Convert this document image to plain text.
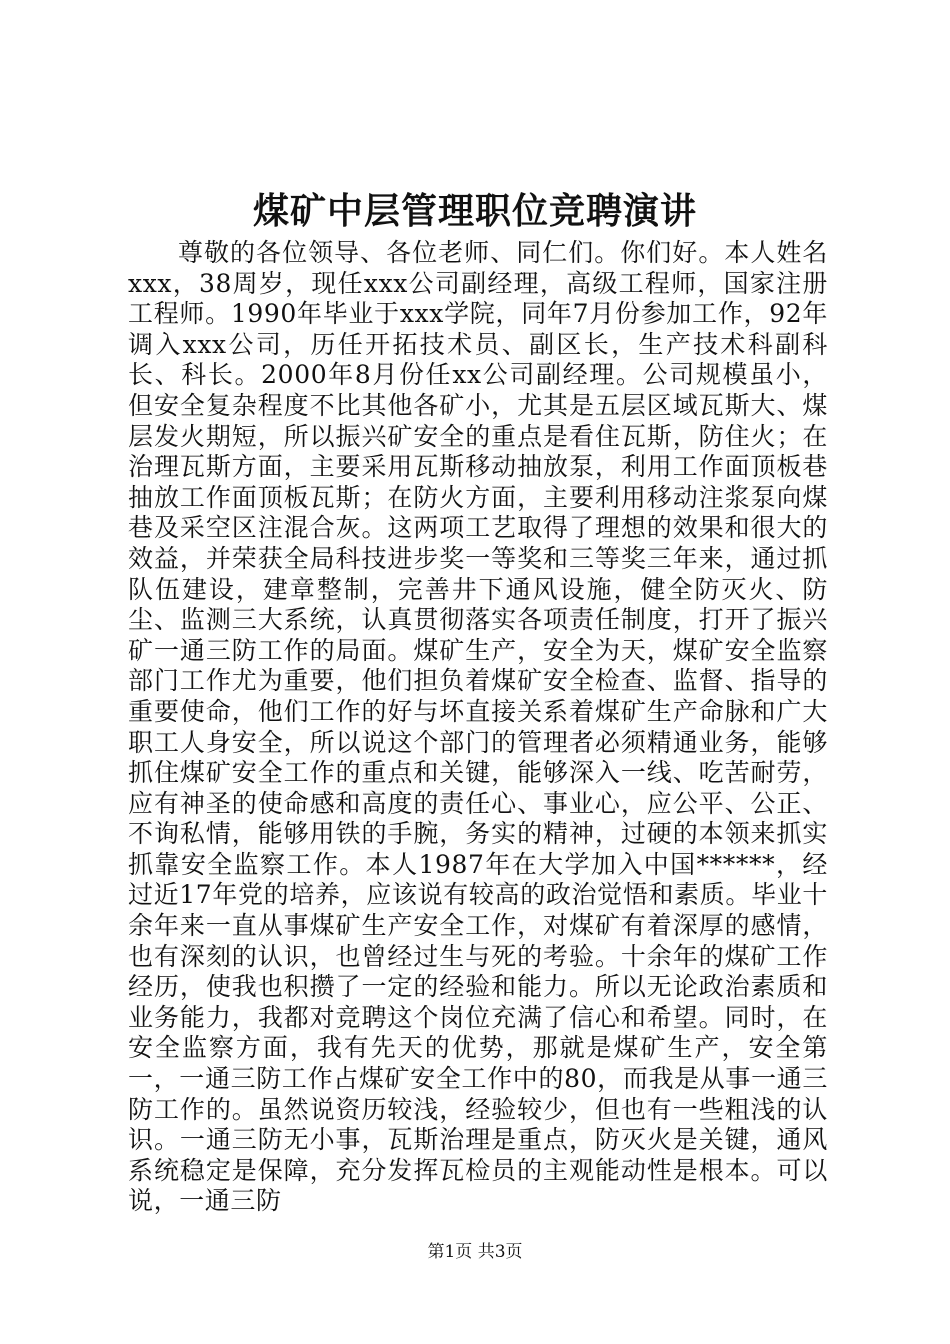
煤矿中层管理职位竞聘演讲
尊敬的各位领导、各位老师、同仁们。你们好。本人姓名xxx，38周岁，现任xxx公司副经理，高级工程师，国家注册工程师。1990年毕业于xxx学院，同年7月份参加工作，92年调入xxx公司，历任开拓技术员、副区长，生产技术科副科长、科长。2000年8月份任xx公司副经理。公司规模虽小，但安全复杂程度不比其他各矿小，尤其是五层区域瓦斯大、煤层发火期短，所以振兴矿安全的重点是看住瓦斯，防住火；在治理瓦斯方面，主要采用瓦斯移动抽放泵，利用工作面顶板巷抽放工作面顶板瓦斯；在防火方面，主要利用移动注浆泵向煤巷及采空区注混合灰。这两项工艺取得了理想的效果和很大的效益，并荣获全局科技进步奖一等奖和三等奖三年来，通过抓队伍建设，建章整制，完善井下通风设施，健全防灭火、防尘、监测三大系统，认真贯彻落实各项责任制度，打开了振兴矿一通三防工作的局面。煤矿生产，安全为天，煤矿安全监察部门工作尤为重要，他们担负着煤矿安全检查、监督、指导的重要使命，他们工作的好与坏直接关系着煤矿生产命脉和广大职工人身安全，所以说这个部门的管理者必须精通业务，能够抓住煤矿安全工作的重点和关键，能够深入一线、吃苦耐劳，应有神圣的使命感和高度的责任心、事业心，应公平、公正、不询私情，能够用铁的手腕，务实的精神，过硬的本领来抓实抓靠安全监察工作。本人1987年在大学加入中国******，经过近17年党的培养，应该说有较高的政治觉悟和素质。毕业十余年来一直从事煤矿生产安全工作，对煤矿有着深厚的感情，也有深刻的认识，也曾经过生与死的考验。十余年的煤矿工作经历，使我也积攒了一定的经验和能力。所以无论政治素质和业务能力，我都对竞聘这个岗位充满了信心和希望。同时，在安全监察方面，我有先天的优势，那就是煤矿生产，安全第一，一通三防工作占煤矿安全工作中的80，而我是从事一通三防工作的。虽然说资历较浅，经验较少，但也有一些粗浅的认识。一通三防无小事，瓦斯治理是重点，防灭火是关键，通风系统稳定是保障，充分发挥瓦检员的主观能动性是根本。可以说，一通三防
第1页 共3页
